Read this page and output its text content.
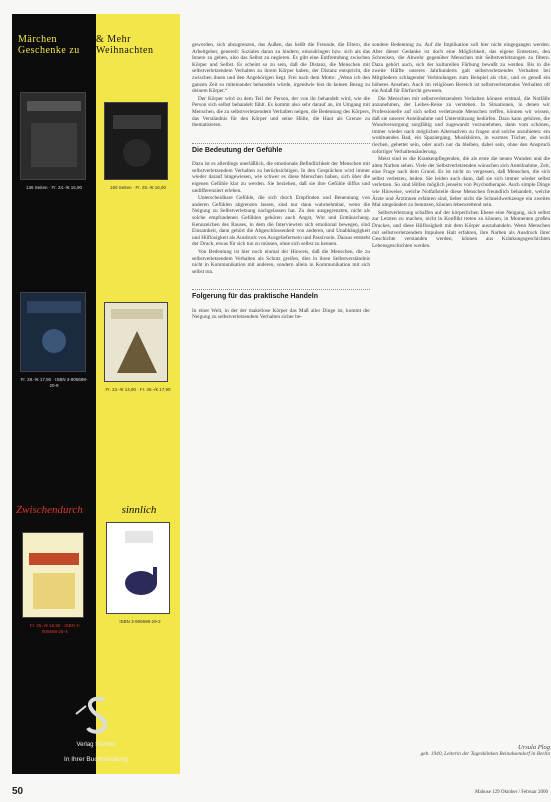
Märchen	& Mehr
Geschenke zu	Weihnachten
136 Seiten · Fr. 24.-/€ 15,90	160 Seiten · Fr. 26.-/€ 16,90
Fr. 28.-/€ 17,90 · ISBN 3-905698-20-9
Fr. 23.-/€ 14,90 · Fr. 28.-/€ 17,90
Zwischendurch	sinnlich
Fr. 26.-/€ 16,90 · ISBN 3-905698-25-X
ISBN 3-905698-29-2
Verlag Stendel
In Ihrer Buchhandlung

geworden, sich abzugrenzen, das Außen, das heißt die Freunde, die Eltern, die Arbeitgeber, generell: Soziales daran zu hindern, einzudringen bzw. sich als das Innere zu geben, also das Selbst zu negieren. Es gibt eine Entfremdung zwischen Körper und Selbst. Es scheint so zu sein, daß die Distanz, die Menschen mit selbstverletzendem Verhalten zu ihrem Körper haben, der Distanz entspricht, die zwischen ihnen und den Angehörigen liegt. Frei nach dem Motto: „Wenn ich den ganzen Zeit so miteinander behandeln würde, irgendwie bist du keinen Bezug zu deinem Körper.“

Der Körper wird zu dem Teil der Person, der von ihr behandelt wird, wie die Person sich selbst behandelt fühlt. Es kommt also sehr darauf an, im Umgang mit Menschen, die zu selbstverletzendem Verhalten neigen, die Bedeutung des Körpers, das Verständnis für den Körper und seine Hülle, die Haut als Grenze zu thematisieren.

Die Bedeutung der Gefühle

Dazu ist es allerdings unerläßlich, die emotionale Befindlichkeit der Menschen mit selbstverletzendem Verhalten zu berücksichtigen. In den Gesprächen wird immer wieder darauf hingewiesen, wie schwer es diese Menschen haben, sich über die eigenen Gefühle klar zu werden. Sie beziehen, daß sie ihre Gefühle diffus und undifferenziert erleben.

Unterscheidbare Gefühle, die sich durch Empfinden und Benennung von anderen Gefühlen abgrenzen lassen, sind nur dann wahrnehmbar, wenn die Neigung zu Selbstverletzung nachgelassen hat. Zu den ausgegrenzten, nicht als solche empfundenen Gefühlen gehören auch Angst, Wut und Enttäuschung. Kennzeichen des Rauses, in dem die Interviewten sich emotional bewegen, sind Einsamkeit, dann gehört die Abgeschlossenheit von anderen, und Unabhängigkeit und Hilflosigkeit als Ausdruck von Ausgeliefertsein und Passivsein. Daraus entsteht der Druck, etwas für sich tun zu müssen, ohne sich selbst zu kennen.

Von Bedeutung ist hier noch einmal der Hinweis, daß die Menschen, die zu selbstverletzendem Verhalten als Schutz greifen, dies in ihren Selbstverständnis nicht in Kommunikation mit anderen, sondern allein in Kommunikation mit sich selbst tun.

Folgerung für das praktische Handeln

In einer Welt, in der der makellose Körper das Maß aller Dinge ist, kommt der Neigung zu selbstverletzendem Verhalten sicher be-

sondere Bedeutung zu. Auf die Implikation soll hier nicht eingegangen werden. Aber dieser Gedanke ist doch eine Möglichkeit, das eigene Entsetzen, den Schrecken, die Abwehr gegenüber Menschen mit Selbstverletzungen zu filtern. Dazu gehört auch, sich der kulturellen Färbung bewußt zu werden. Bis in die zweite Hälfte unseres Jahrhunderts galt selbstverletzendes Verhalten bei Mitgliedern schlagender Verbindungen zum Beispiel als chic, und es genoß ein höheres Ansehen. Auch im religiösen Bereich ist selbstverletzendes Verhalten oft ein Anlaß für Ehrfurcht gewesen.

Die Menschen mit selbstverletzendem Verhalten können erstmal, die Notfälle anzunehmen, der Leibes-Reise zu verstehen. In Situationen, in denen wir Professionelle auf sich selbst verletzende Menschen treffen, können wir wissen, daß sie unserer Anteilnahme und Unterstützung bedürfen. Dazu kann gehören, die Wundversorgung sorgfältig und zugewandt vorzunehmen, dann vom schönen, immer wieder nach möglichen Alternativen zu fragen und solche anzubieten: ein wohltuendes Bad, ein Spaziergang, Musikhören, in warmes Tücher, die wohl riechen, gebettet sein, oder auch nur da bleiben, dabei sein, ohne den Anspruch sofortiger Verhaltensänderung.

Meist sind es die Krankenpflegenden, die als erste die neuen Wunden und die alten Narben sehen. Viele der Selbstverletzenden wünschen sich Anteilnahme, Zeit, eine Frage nach dem Grund. Es ist nicht zu vergessen, daß Menschen, die sich selbst verletzen, leiden. Sie leiden auch dann, daß sie sich immer wieder selbst verletzen. So sind Hilfen möglich jenseits von Psychotherapie. Auch simple Dinge wie Hinweise, welche Notfallstelle diese Menschen freundlich behandelt, welche Ärzte und Ärztinnen erfahren sind, lieber nicht die Schneidwerkzeuge ein zweites Mal umgeändert zu benutzen, können lebensrettend sein.

Selbstverletzung schaffen auf der körperlichen Ebene eine Neigung, sich selbst zur Letzten zu machen, nicht in Konflikt treten zu können, in Momenten großen Druckes, und diese Hilflosigkeit mit dem Körper auszuhandeln. Wenn Menschen mit selbstverletzendem Impulsen Halt erfahren, ihre Narben als Ausdruck ihrer Geschichte verstanden werden, können aus Kränkungsgeschichten Lebensgeschichten werden.

Ursula Plog
geb. 1940, Leiterin der Tagesklinken Beinaksendorf in Berlin
50	Mabuse 129 Oktober / Februar 2000
